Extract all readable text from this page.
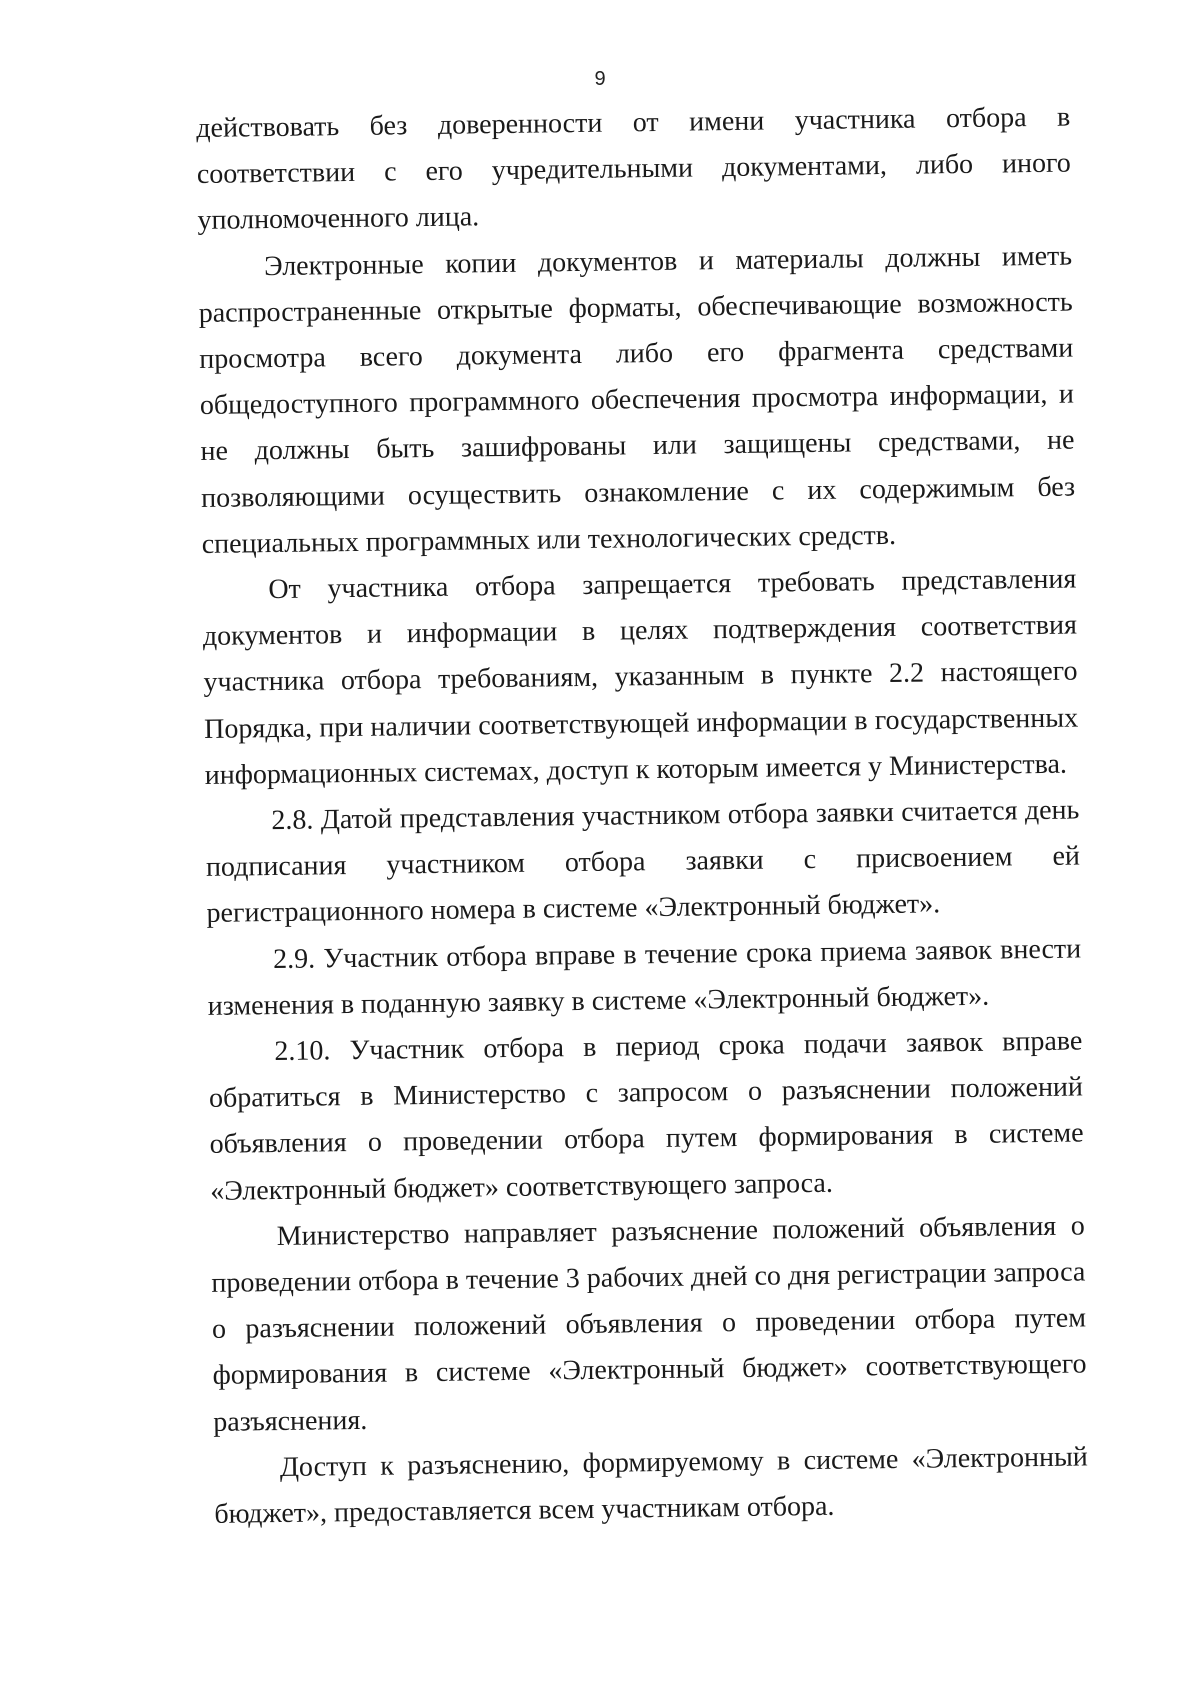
9

действовать без доверенности от имени участника отбора в соответствии с его учредительными документами, либо иного уполномоченного лица.

Электронные копии документов и материалы должны иметь распространенные открытые форматы, обеспечивающие возможность просмотра всего документа либо его фрагмента средствами общедоступного программного обеспечения просмотра информации, и не должны быть зашифрованы или защищены средствами, не позволяющими осуществить ознакомление с их содержимым без специальных программных или технологических средств.

От участника отбора запрещается требовать представления документов и информации в целях подтверждения соответствия участника отбора требованиям, указанным в пункте 2.2 настоящего Порядка, при наличии соответствующей информации в государственных информационных системах, доступ к которым имеется у Министерства.

2.8. Датой представления участником отбора заявки считается день подписания участником отбора заявки с присвоением ей регистрационного номера в системе «Электронный бюджет».

2.9. Участник отбора вправе в течение срока приема заявок внести изменения в поданную заявку в системе «Электронный бюджет».

2.10. Участник отбора в период срока подачи заявок вправе обратиться в Министерство с запросом о разъяснении положений объявления о проведении отбора путем формирования в системе «Электронный бюджет» соответствующего запроса.

Министерство направляет разъяснение положений объявления о проведении отбора в течение 3 рабочих дней со дня регистрации запроса о разъяснении положений объявления о проведении отбора путем формирования в системе «Электронный бюджет» соответствующего разъяснения.

Доступ к разъяснению, формируемому в системе «Электронный бюджет», предоставляется всем участникам отбора.
